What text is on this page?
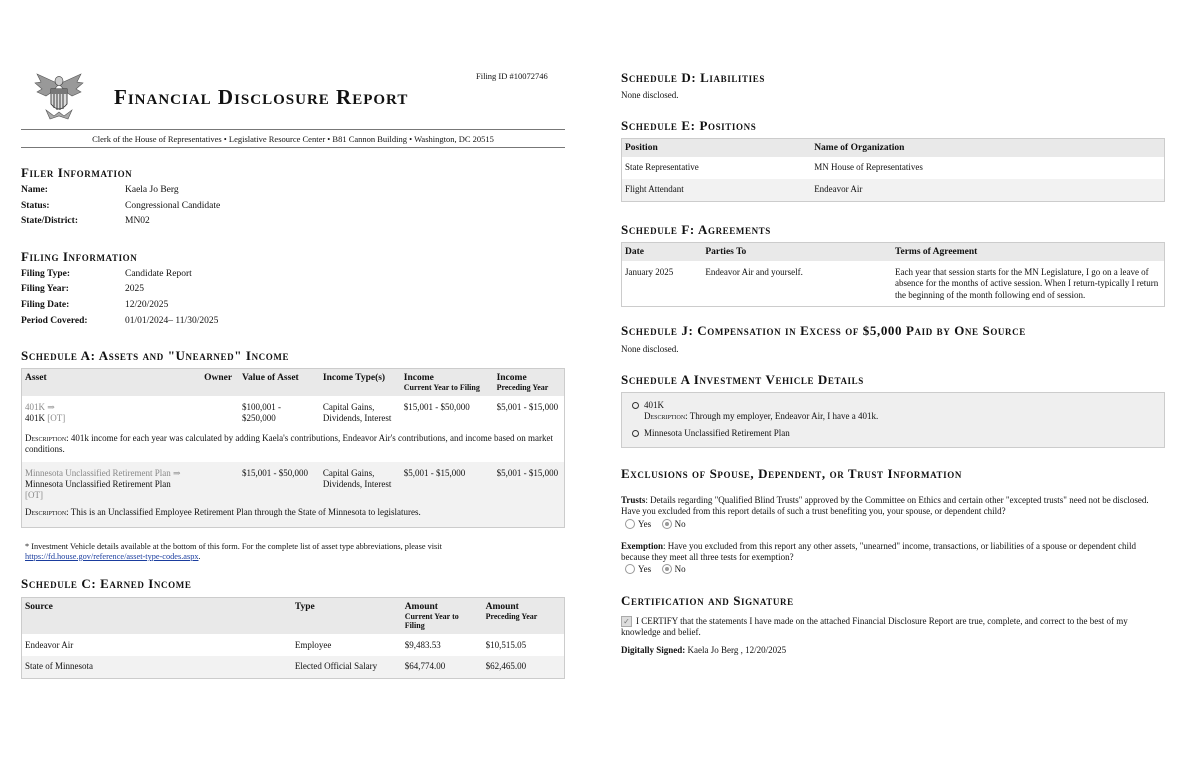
Financial Disclosure Report
Filing ID #10072746
Clerk of the House of Representatives • Legislative Resource Center • B81 Cannon Building • Washington, DC 20515
Filer Information
Name:	Kaela Jo Berg
Status:	Congressional Candidate
State/District:	MN02
Filing Information
Filing Type:	Candidate Report
Filing Year:	2025
Filing Date:	12/20/2025
Period Covered:	01/01/2024– 11/30/2025
Schedule A: Assets and "Unearned" Income
Asset	Owner	Value of Asset	Income Type(s)	Income
Current Year to Filing	Income
Preceding Year

401K ⇒
401K [OT]		$100,001 - $250,000	Capital Gains, Dividends, Interest	$15,001 - $50,000	$5,001 - $15,000
Description: 401k income for each year was calculated by adding Kaela's contributions, Endeavor Air's contributions, and income based on market conditions.					

Minnesota Unclassified Retirement Plan ⇒
Minnesota Unclassified Retirement Plan
[OT]		$15,001 - $50,000	Capital Gains, Dividends, Interest	$5,001 - $15,000	$5,001 - $15,000
Description: This is an Unclassified Employee Retirement Plan through the State of Minnesota to legislatures.					
* Investment Vehicle details available at the bottom of this form. For the complete list of asset type abbreviations, please visit
https://fd.house.gov/reference/asset-type-codes.aspx.
Schedule C: Earned Income
Source	Type	Amount
Current Year to Filing	Amount
Preceding Year

Endeavor Air	Employee	$9,483.53	$10,515.05
State of Minnesota	Elected Official Salary	$64,774.00	$62,465.00
Schedule D: Liabilities
None disclosed.
Schedule E: Positions
Position	Name of Organization
State Representative	MN House of Representatives
Flight Attendant	Endeavor Air
Schedule F: Agreements
Date	Parties To	Terms of Agreement
January 2025	Endeavor Air and yourself.	Each year that session starts for the MN Legislature, I go on a leave of absence for the months of active session. When I return-typically I return the beginning of the month following end of session.
Schedule J: Compensation in Excess of $5,000 Paid by One Source
None disclosed.
Schedule A Investment Vehicle Details
401K
Description: Through my employer, Endeavor Air, I have a 401k.
Minnesota Unclassified Retirement Plan
Exclusions of Spouse, Dependent, or Trust Information
Trusts: Details regarding "Qualified Blind Trusts" approved by the Committee on Ethics and certain other "excepted trusts" need not be disclosed. Have you excluded from this report details of such a trust benefiting you, your spouse, or dependent child?
Yes	No
Exemption: Have you excluded from this report any other assets, "unearned" income, transactions, or liabilities of a spouse or dependent child because they meet all three tests for exemption?
Yes	No
Certification and Signature
✓ I CERTIFY that the statements I have made on the attached Financial Disclosure Report are true, complete, and correct to the best of my knowledge and belief.
Digitally Signed: Kaela Jo Berg , 12/20/2025
